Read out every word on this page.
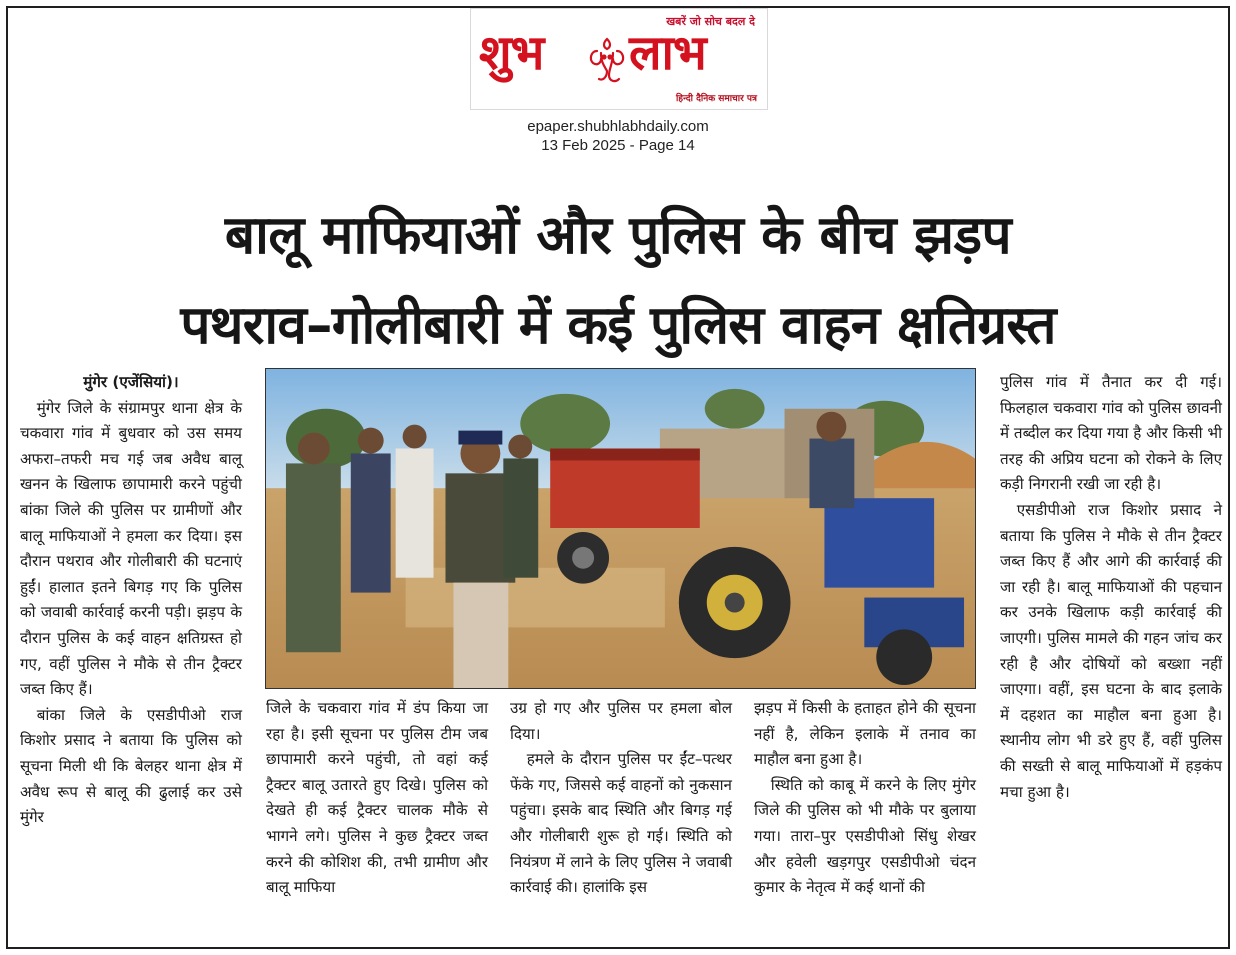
खबरें जो सोच बदल दे
शुभ लाभ
हिन्दी दैनिक समाचार पत्र
epaper.shubhlabhdaily.com
13 Feb 2025 - Page 14
बालू माफियाओं और पुलिस के बीच झड़प
पथराव–गोलीबारी में कई पुलिस वाहन क्षतिग्रस्त
मुंगेर (एजेंसियां)।

मुंगेर जिले के संग्रामपुर थाना क्षेत्र के चकवारा गांव में बुधवार को उस समय अफरा–तफरी मच गई जब अवैध बालू खनन के खिलाफ छापामारी करने पहुंची बांका जिले की पुलिस पर ग्रामीणों और बालू माफियाओं ने हमला कर दिया। इस दौरान पथराव और गोलीबारी की घटनाएं हुईं। हालात इतने बिगड़ गए कि पुलिस को जवाबी कार्रवाई करनी पड़ी। झड़प के दौरान पुलिस के कई वाहन क्षतिग्रस्त हो गए, वहीं पुलिस ने मौके से तीन ट्रैक्टर जब्त किए हैं।

बांका जिले के एसडीपीओ राज किशोर प्रसाद ने बताया कि पुलिस को सूचना मिली थी कि बेलहर थाना क्षेत्र में अवैध रूप से बालू की ढुलाई कर उसे मुंगेर

जिले के चकवारा गांव में डंप किया जा रहा है। इसी सूचना पर पुलिस टीम जब छापामारी करने पहुंची, तो वहां कई ट्रैक्टर बालू उतारते हुए दिखे। पुलिस को देखते ही कई ट्रैक्टर चालक मौके से भागने लगे। पुलिस ने कुछ ट्रैक्टर जब्त करने की कोशिश की, तभी ग्रामीण और बालू माफिया

उग्र हो गए और पुलिस पर हमला बोल दिया।

हमले के दौरान पुलिस पर ईंट–पत्थर फेंके गए, जिससे कई वाहनों को नुकसान पहुंचा। इसके बाद स्थिति और बिगड़ गई और गोलीबारी शुरू हो गई। स्थिति को नियंत्रण में लाने के लिए पुलिस ने जवाबी कार्रवाई की। हालांकि इस

झड़प में किसी के हताहत होने की सूचना नहीं है, लेकिन इलाके में तनाव का माहौल बना हुआ है।

स्थिति को काबू में करने के लिए मुंगेर जिले की पुलिस को भी मौके पर बुलाया गया। तारा–पुर एसडीपीओ सिंधु शेखर और हवेली खड़गपुर एसडीपीओ चंदन कुमार के नेतृत्व में कई थानों की

पुलिस गांव में तैनात कर दी गई। फिलहाल चकवारा गांव को पुलिस छावनी में तब्दील कर दिया गया है और किसी भी तरह की अप्रिय घटना को रोकने के लिए कड़ी निगरानी रखी जा रही है।

एसडीपीओ राज किशोर प्रसाद ने बताया कि पुलिस ने मौके से तीन ट्रैक्टर जब्त किए हैं और आगे की कार्रवाई की जा रही है। बालू माफियाओं की पहचान कर उनके खिलाफ कड़ी कार्रवाई की जाएगी। पुलिस मामले की गहन जांच कर रही है और दोषियों को बख्शा नहीं जाएगा। वहीं, इस घटना के बाद इलाके में दहशत का माहौल बना हुआ है। स्थानीय लोग भी डरे हुए हैं, वहीं पुलिस की सख्ती से बालू माफियाओं में हड़कंप मचा हुआ है।
